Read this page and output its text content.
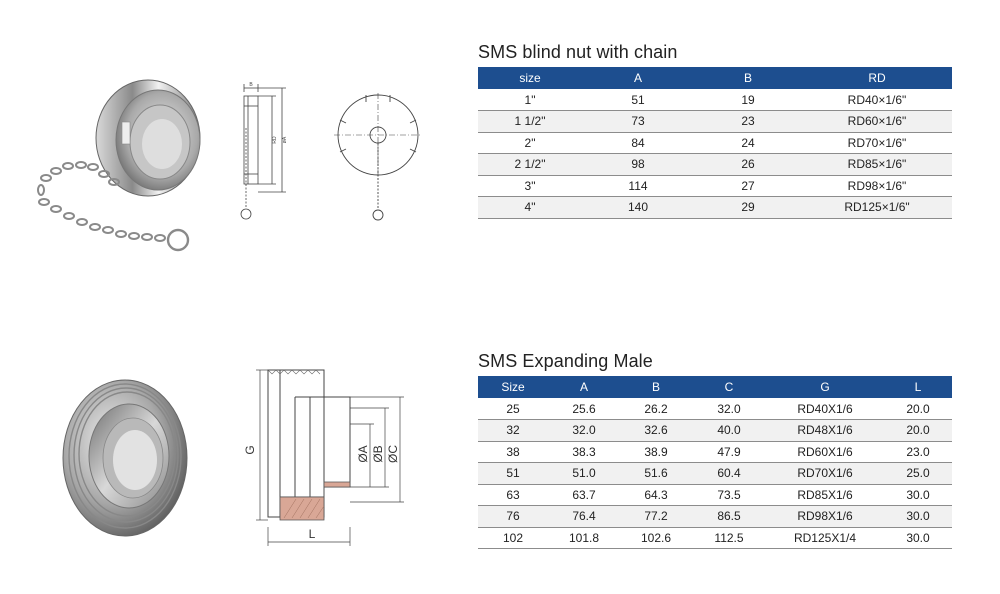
B
RD øA
SMS blind nut with chain
size	A	B	RD
1"	51	19	RD40×1/6"
1 1/2"	73	23	RD60×1/6"
2"	84	24	RD70×1/6"
2 1/2"	98	26	RD85×1/6"
3"	114	27	RD98×1/6"
4"	140	29	RD125×1/6"
G	ØA ØB ØC
L
SMS Expanding Male
Size	A	B	C	G	L
25	25.6	26.2	32.0	RD40X1/6	20.0
32	32.0	32.6	40.0	RD48X1/6	20.0
38	38.3	38.9	47.9	RD60X1/6	23.0
51	51.0	51.6	60.4	RD70X1/6	25.0
63	63.7	64.3	73.5	RD85X1/6	30.0
76	76.4	77.2	86.5	RD98X1/6	30.0
102	101.8	102.6	112.5	RD125X1/4	30.0
